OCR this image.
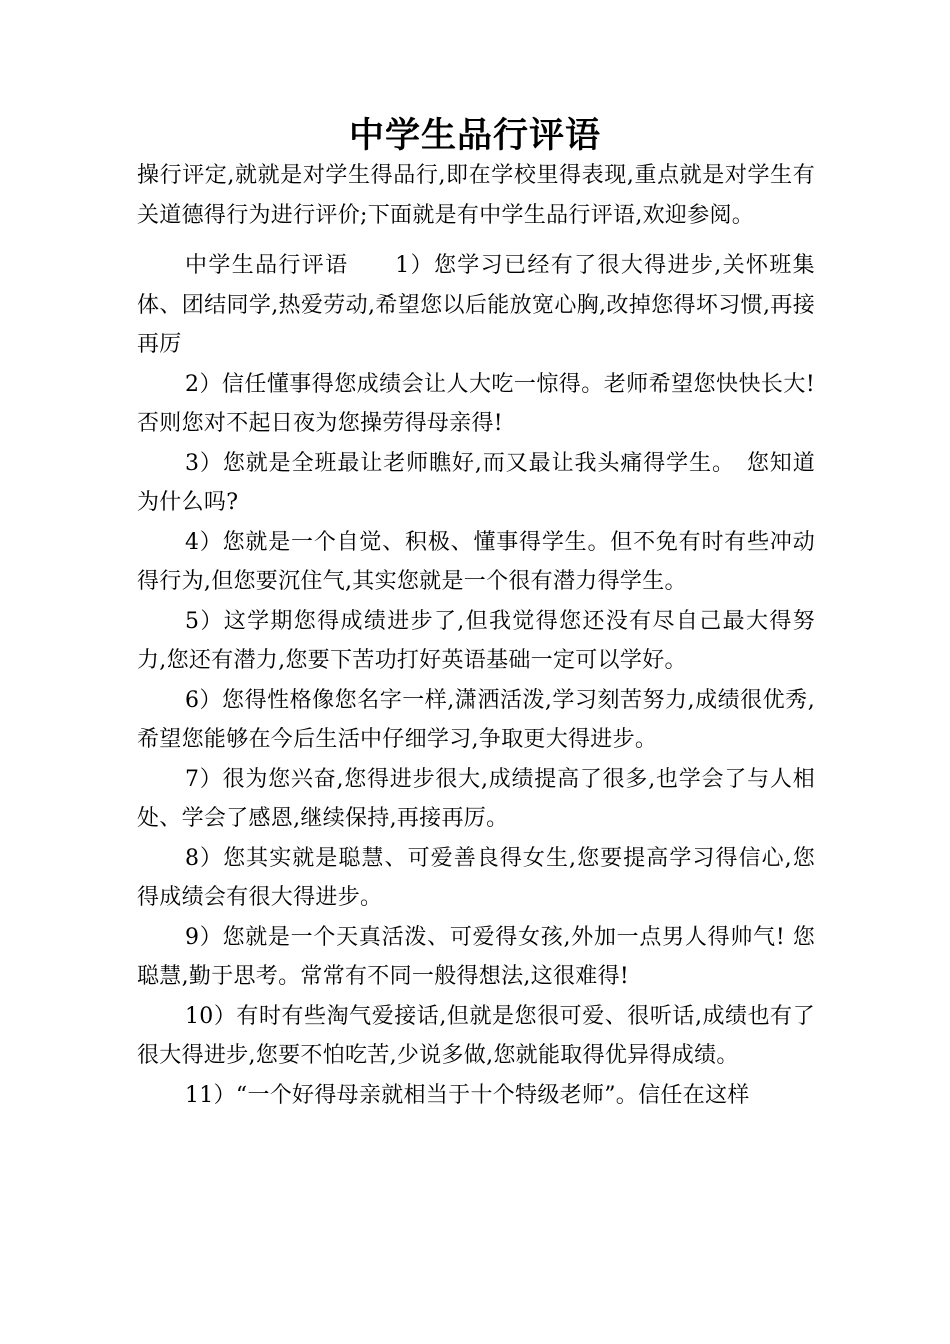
中学生品行评语

操行评定,就就是对学生得品行,即在学校里得表现,重点就是对学生有关道德得行为进行评价;下面就是有中学生品行评语,欢迎参阅。

中学生品行评语　　1）您学习已经有了很大得进步,关怀班集体、团结同学,热爱劳动,希望您以后能放宽心胸,改掉您得坏习惯,再接再厉

2）信任懂事得您成绩会让人大吃一惊得。老师希望您快快长大!否则您对不起日夜为您操劳得母亲得!

3）您就是全班最让老师瞧好,而又最让我头痛得学生。　您知道为什么吗?

4）您就是一个自觉、积极、懂事得学生。但不免有时有些冲动得行为,但您要沉住气,其实您就是一个很有潜力得学生。

5）这学期您得成绩进步了,但我觉得您还没有尽自己最大得努力,您还有潜力,您要下苦功打好英语基础一定可以学好。

6）您得性格像您名字一样,潇洒活泼,学习刻苦努力,成绩很优秀,希望您能够在今后生活中仔细学习,争取更大得进步。

7）很为您兴奋,您得进步很大,成绩提高了很多,也学会了与人相处、学会了感恩,继续保持,再接再厉。

8）您其实就是聪慧、可爱善良得女生,您要提高学习得信心,您得成绩会有很大得进步。

9）您就是一个天真活泼、可爱得女孩,外加一点男人得帅气! 您聪慧,勤于思考。常常有不同一般得想法,这很难得!

10）有时有些淘气爱接话,但就是您很可爱、很听话,成绩也有了很大得进步,您要不怕吃苦,少说多做,您就能取得优异得成绩。

11）“一个好得母亲就相当于十个特级老师”。信任在这样
